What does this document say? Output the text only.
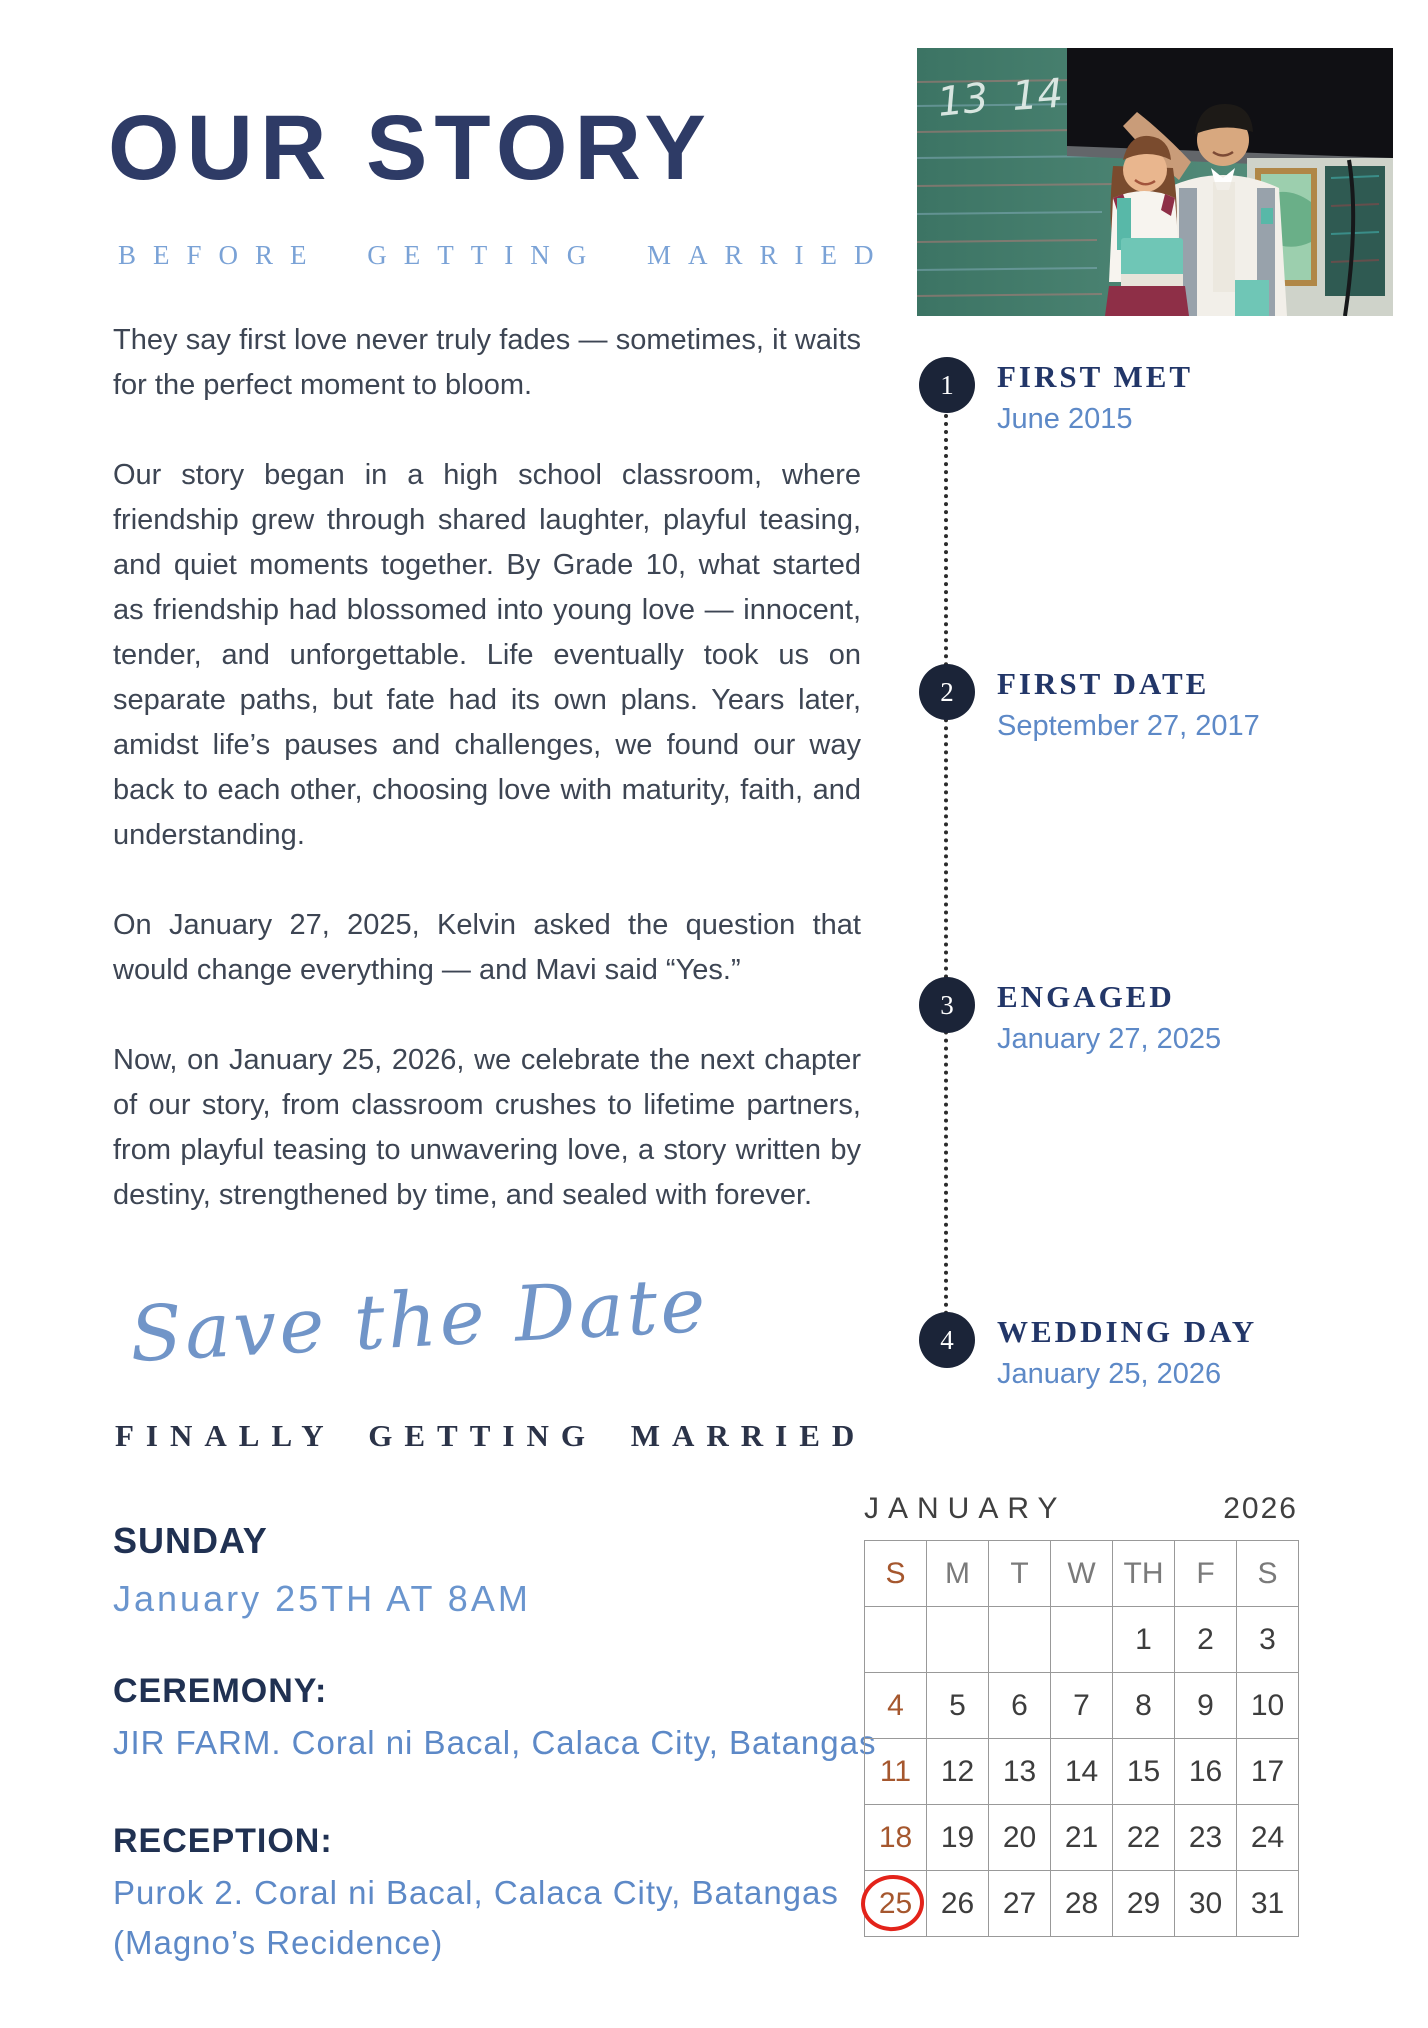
OUR STORY
BEFORE GETTING MARRIED

They say first love never truly fades — sometimes, it waits for the perfect moment to bloom.

Our story began in a high school classroom, where friendship grew through shared laughter, playful teasing, and quiet moments together. By Grade 10, what started as friendship had blossomed into young love — innocent, tender, and unforgettable. Life eventually took us on separate paths, but fate had its own plans. Years later, amidst life’s pauses and challenges, we found our way back to each other, choosing love with maturity, faith, and understanding.

On January 27, 2025, Kelvin asked the question that would change everything — and Mavi said “Yes.”

Now, on January 25, 2026, we celebrate the next chapter of our story, from classroom crushes to lifetime partners, from playful teasing to unwavering love, a story written by destiny, strengthened by time, and sealed with forever.

Save the Date
FINALLY GETTING MARRIED
SUNDAY
January 25TH AT 8AM
CEREMONY:
JIR FARM. Coral ni Bacal, Calaca City, Batangas
RECEPTION:
Purok 2. Coral ni Bacal, Calaca City, Batangas
(Magno’s Recidence)
13 14
1	FIRST MET
June 2015
2	FIRST DATE
September 27, 2017
3	ENGAGED
January 27, 2025
4	WEDDING DAY
January 25, 2026
JANUARY	2026
S	M	T	W	TH	F	S
				1	2	3
4	5	6	7	8	9	10
11	12	13	14	15	16	17
18	19	20	21	22	23	24
25	26	27	28	29	30	31
